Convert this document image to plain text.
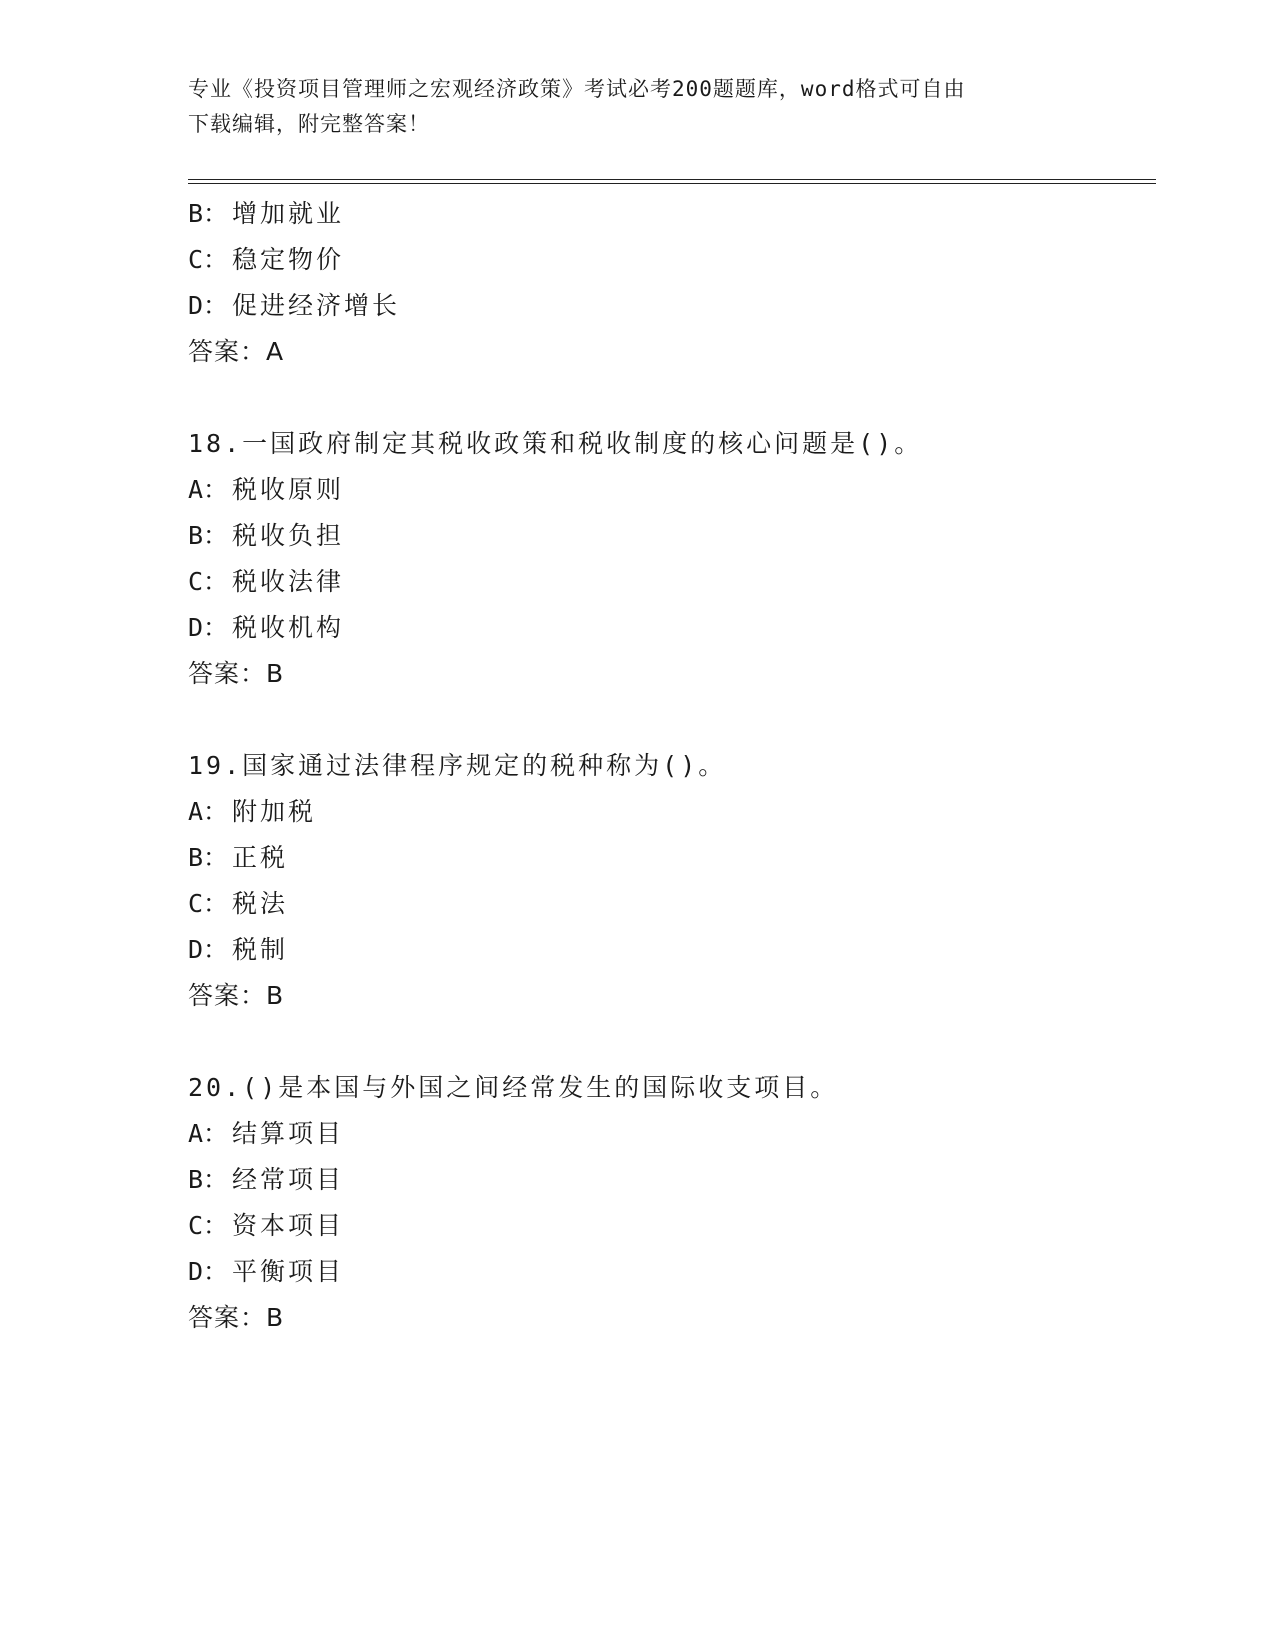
专业《投资项目管理师之宏观经济政策》考试必考200题题库，word格式可自由
下载编辑，附完整答案！
B： 增加就业
C： 稳定物价
D： 促进经济增长
答案：A
18.一国政府制定其税收政策和税收制度的核心问题是()。
A： 税收原则
B： 税收负担
C： 税收法律
D： 税收机构
答案：B
19.国家通过法律程序规定的税种称为()。
A： 附加税
B： 正税
C： 税法
D： 税制
答案：B
20.()是本国与外国之间经常发生的国际收支项目。
A： 结算项目
B： 经常项目
C： 资本项目
D： 平衡项目
答案：B
